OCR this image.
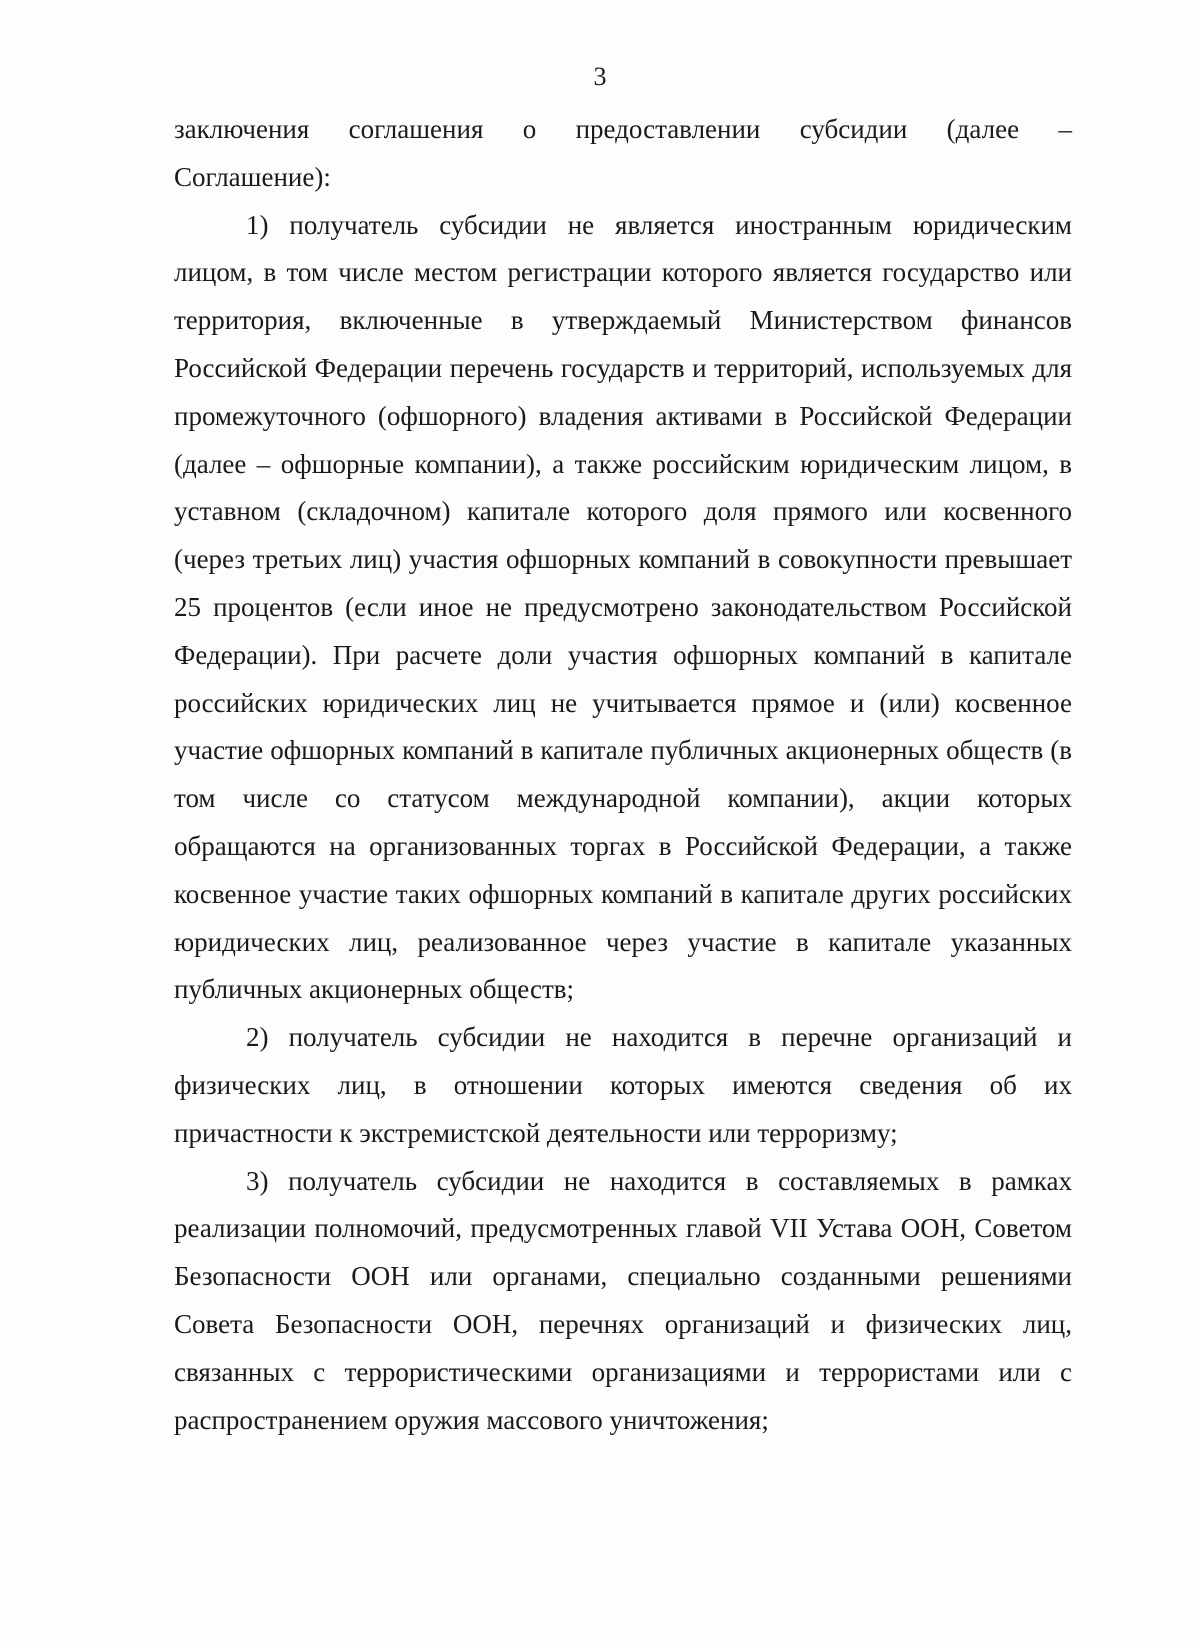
3
заключения соглашения о предоставлении субсидии (далее –
Соглашение):

1) получатель субсидии не является иностранным юридическим лицом, в том числе местом регистрации которого является государство или территория, включенные в утверждаемый Министерством финансов Российской Федерации перечень государств и территорий, используемых для промежуточного (офшорного) владения активами в Российской Федерации (далее – офшорные компании), а также российским юридическим лицом, в уставном (складочном) капитале которого доля прямого или косвенного (через третьих лиц) участия офшорных компаний в совокупности превышает 25 процентов (если иное не предусмотрено законодательством Российской Федерации). При расчете доли участия офшорных компаний в капитале российских юридических лиц не учитывается прямое и (или) косвенное участие офшорных компаний в капитале публичных акционерных обществ (в том числе со статусом международной компании), акции которых обращаются на организованных торгах в Российской Федерации, а также косвенное участие таких офшорных компаний в капитале других российских юридических лиц, реализованное через участие в капитале указанных публичных акционерных обществ;

2) получатель субсидии не находится в перечне организаций и физических лиц, в отношении которых имеются сведения об их причастности к экстремистской деятельности или терроризму;

3) получатель субсидии не находится в составляемых в рамках реализации полномочий, предусмотренных главой VII Устава ООН, Советом Безопасности ООН или органами, специально созданными решениями Совета Безопасности ООН, перечнях организаций и физических лиц, связанных с террористическими организациями и террористами или с распространением оружия массового уничтожения;
